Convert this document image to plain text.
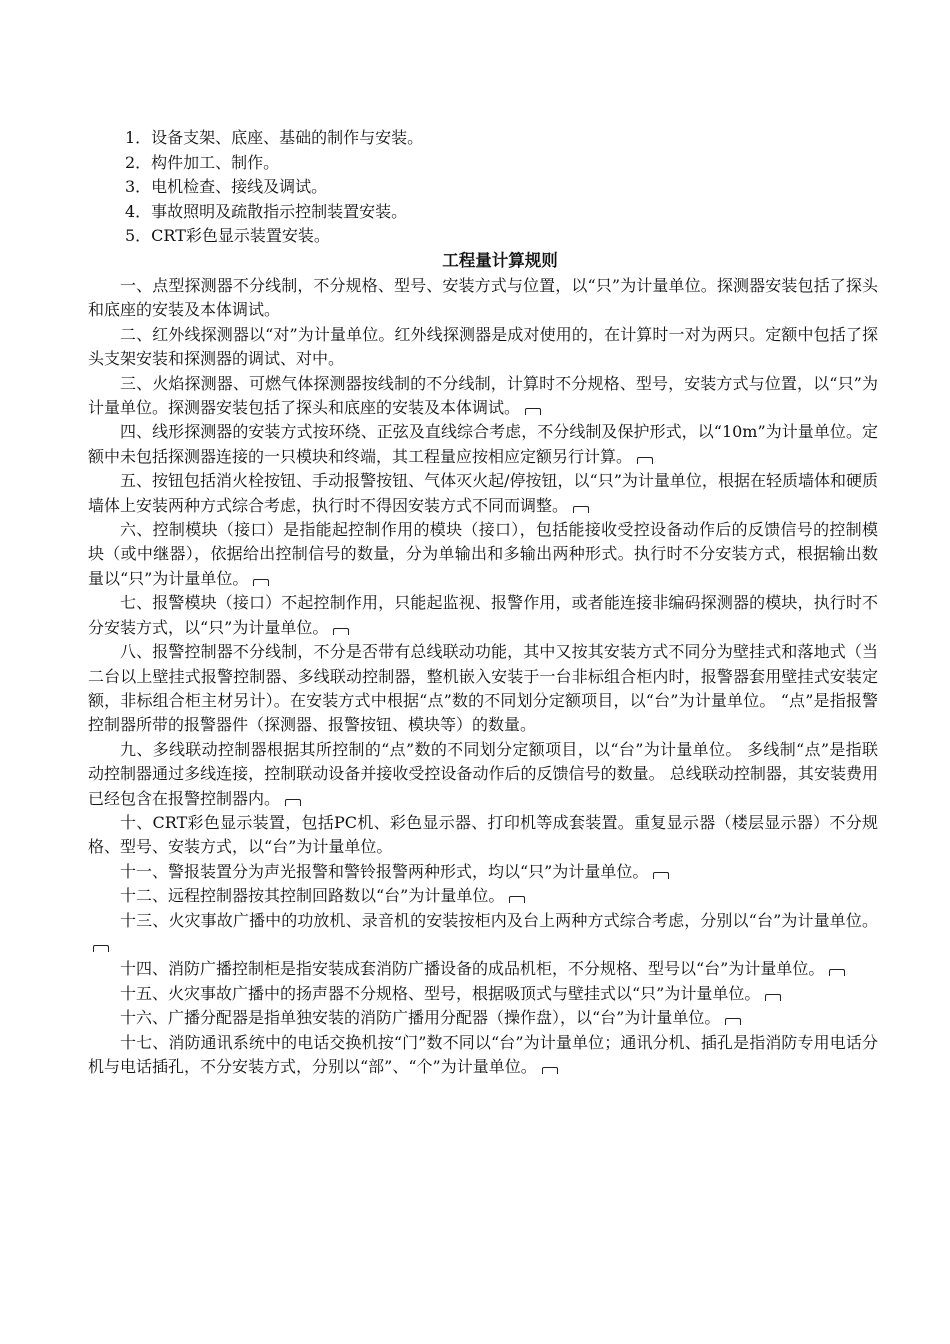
1．设备支架、底座、基础的制作与安装。
2．构件加工、制作。
3．电机检查、接线及调试。
4．事故照明及疏散指示控制装置安装。
5．CRT彩色显示装置安装。
工程量计算规则

一、点型探测器不分线制，不分规格、型号、安装方式与位置，以“只”为计量单位。探测器安装包括了探头和底座的安装及本体调试。

二、红外线探测器以“对”为计量单位。红外线探测器是成对使用的，在计算时一对为两只。定额中包括了探头支架安装和探测器的调试、对中。

三、火焰探测器、可燃气体探测器按线制的不分线制，计算时不分规格、型号，安装方式与位置，以“只”为计量单位。探测器安装包括了探头和底座的安装及本体调试。

四、线形探测器的安装方式按环绕、正弦及直线综合考虑，不分线制及保护形式，以“10m”为计量单位。定额中未包括探测器连接的一只模块和终端，其工程量应按相应定额另行计算。

五、按钮包括消火栓按钮、手动报警按钮、气体灭火起/停按钮，以“只”为计量单位，根据在轻质墙体和硬质墙体上安装两种方式综合考虑，执行时不得因安装方式不同而调整。

六、控制模块（接口）是指能起控制作用的模块（接口），包括能接收受控设备动作后的反馈信号的控制模块（或中继器），依据给出控制信号的数量，分为单输出和多输出两种形式。执行时不分安装方式，根据输出数量以“只”为计量单位。

七、报警模块（接口）不起控制作用，只能起监视、报警作用，或者能连接非编码探测器的模块，执行时不分安装方式，以“只”为计量单位。

八、报警控制器不分线制，不分是否带有总线联动功能，其中又按其安装方式不同分为壁挂式和落地式（当二台以上壁挂式报警控制器、多线联动控制器，整机嵌入安装于一台非标组合柜内时，报警器套用壁挂式安装定额，非标组合柜主材另计）。在安装方式中根据“点”数的不同划分定额项目，以“台”为计量单位。 “点”是指报警控制器所带的报警器件（探测器、报警按钮、模块等）的数量。

九、多线联动控制器根据其所控制的“点”数的不同划分定额项目，以“台”为计量单位。 多线制“点”是指联动控制器通过多线连接，控制联动设备并接收受控设备动作后的反馈信号的数量。 总线联动控制器，其安装费用已经包含在报警控制器内。

十、CRT彩色显示装置，包括PC机、彩色显示器、打印机等成套装置。重复显示器（楼层显示器）不分规格、型号、安装方式，以“台”为计量单位。

十一、警报装置分为声光报警和警铃报警两种形式，均以“只”为计量单位。

十二、远程控制器按其控制回路数以“台”为计量单位。

十三、火灾事故广播中的功放机、录音机的安装按柜内及台上两种方式综合考虑，分别以“台”为计量单位。

十四、消防广播控制柜是指安装成套消防广播设备的成品机柜，不分规格、型号以“台”为计量单位。

十五、火灾事故广播中的扬声器不分规格、型号，根据吸顶式与壁挂式以“只”为计量单位。

十六、广播分配器是指单独安装的消防广播用分配器（操作盘），以“台”为计量单位。

十七、消防通讯系统中的电话交换机按“门”数不同以“台”为计量单位；通讯分机、插孔是指消防专用电话分机与电话插孔，不分安装方式，分别以“部”、“个”为计量单位。
